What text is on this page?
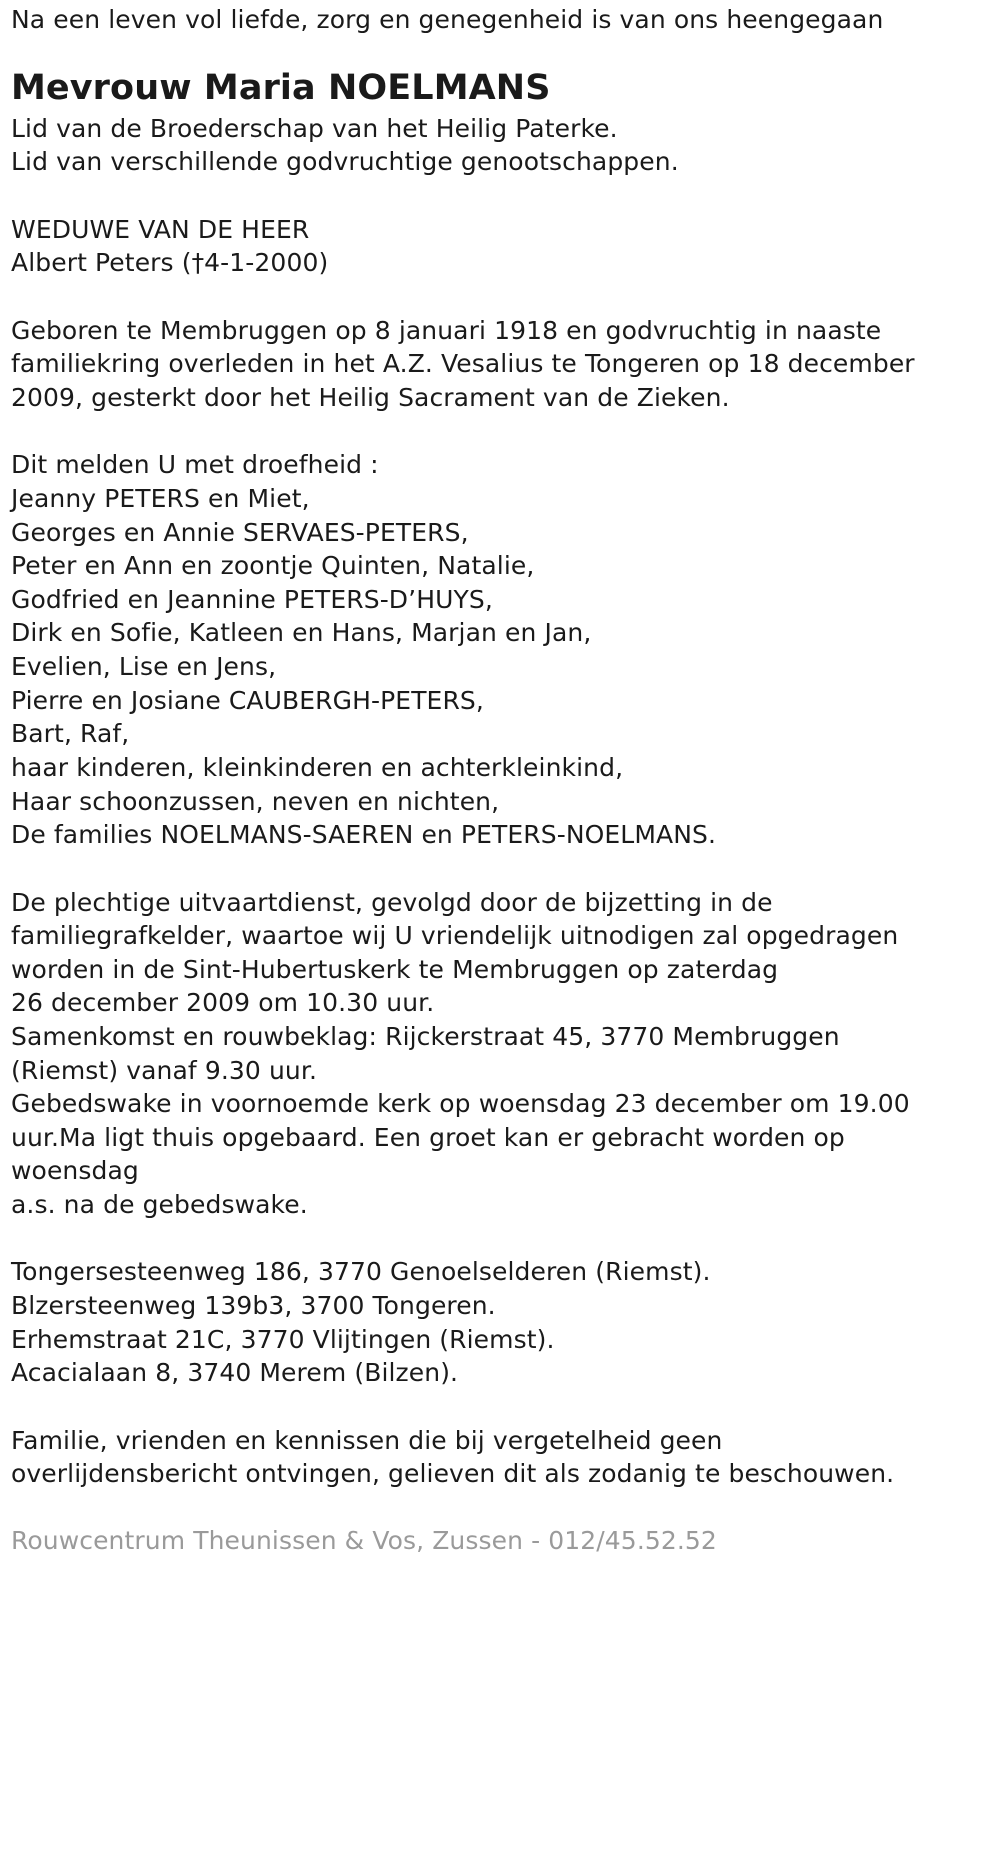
Na een leven vol liefde, zorg en genegenheid is van ons heengegaan
Mevrouw Maria NOELMANS
Lid van de Broederschap van het Heilig Paterke.
Lid van verschillende godvruchtige genootschappen.
WEDUWE VAN DE HEER
Albert Peters (†4-1-2000)
Geboren te Membruggen op 8 januari 1918 en godvruchtig in naaste
familiekring overleden in het A.Z. Vesalius te Tongeren op 18 december
2009, gesterkt door het Heilig Sacrament van de Zieken.
Dit melden U met droefheid :
Jeanny PETERS en Miet,
Georges en Annie SERVAES-PETERS,
Peter en Ann en zoontje Quinten, Natalie,
Godfried en Jeannine PETERS-D’HUYS,
Dirk en Sofie, Katleen en Hans, Marjan en Jan,
Evelien, Lise en Jens,
Pierre en Josiane CAUBERGH-PETERS,
Bart, Raf,
haar kinderen, kleinkinderen en achterkleinkind,
Haar schoonzussen, neven en nichten,
De families NOELMANS-SAEREN en PETERS-NOELMANS.
De plechtige uitvaartdienst, gevolgd door de bijzetting in de
familiegrafkelder, waartoe wij U vriendelijk uitnodigen zal opgedragen
worden in de Sint-Hubertuskerk te Membruggen op zaterdag
26 december 2009 om 10.30 uur.
Samenkomst en rouwbeklag: Rijckerstraat 45, 3770 Membruggen
(Riemst) vanaf 9.30 uur.
Gebedswake in voornoemde kerk op woensdag 23 december om 19.00
uur.Ma ligt thuis opgebaard. Een groet kan er gebracht worden op
woensdag
a.s. na de gebedswake.
Tongersesteenweg 186, 3770 Genoelselderen (Riemst).
Blzersteenweg 139b3, 3700 Tongeren.
Erhemstraat 21C, 3770 Vlijtingen (Riemst).
Acacialaan 8, 3740 Merem (Bilzen).
Familie, vrienden en kennissen die bij vergetelheid geen
overlijdensbericht ontvingen, gelieven dit als zodanig te beschouwen.
Rouwcentrum Theunissen & Vos, Zussen - 012/45.52.52
